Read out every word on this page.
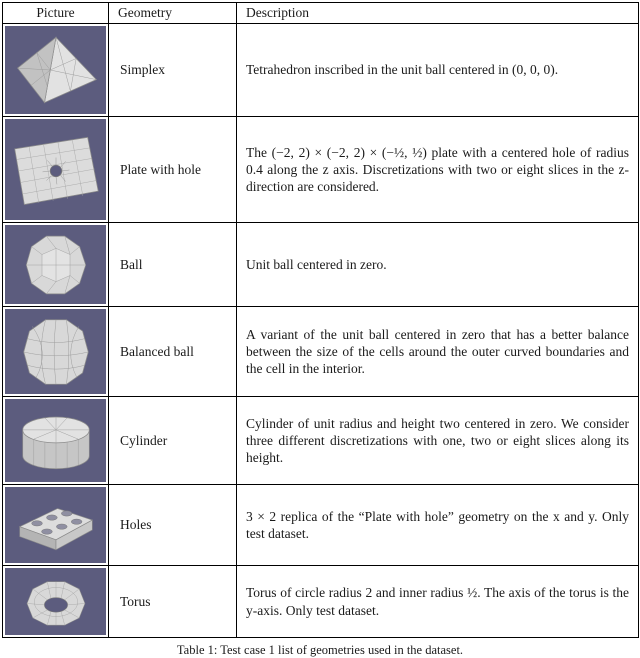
Picture	Geometry	Description

	Simplex	Tetrahedron inscribed in the unit ball centered in (0, 0, 0).

	Plate with hole	The (−2, 2) × (−2, 2) × (−½, ½) plate with a centered hole of radius 0.4 along the z axis. Discretizations with two or eight slices in the z-direction are considered.

	Ball	Unit ball centered in zero.

	Balanced ball	A variant of the unit ball centered in zero that has a better balance between the size of the cells around the outer curved boundaries and the cell in the interior.

	Cylinder	Cylinder of unit radius and height two centered in zero. We consider three different discretizations with one, two or eight slices along its height.

	Holes	3 × 2 replica of the “Plate with hole” geometry on the x and y. Only test dataset.

	Torus	Torus of circle radius 2 and inner radius ½. The axis of the torus is the y-axis. Only test dataset.
Table 1: Test case 1 list of geometries used in the dataset.
